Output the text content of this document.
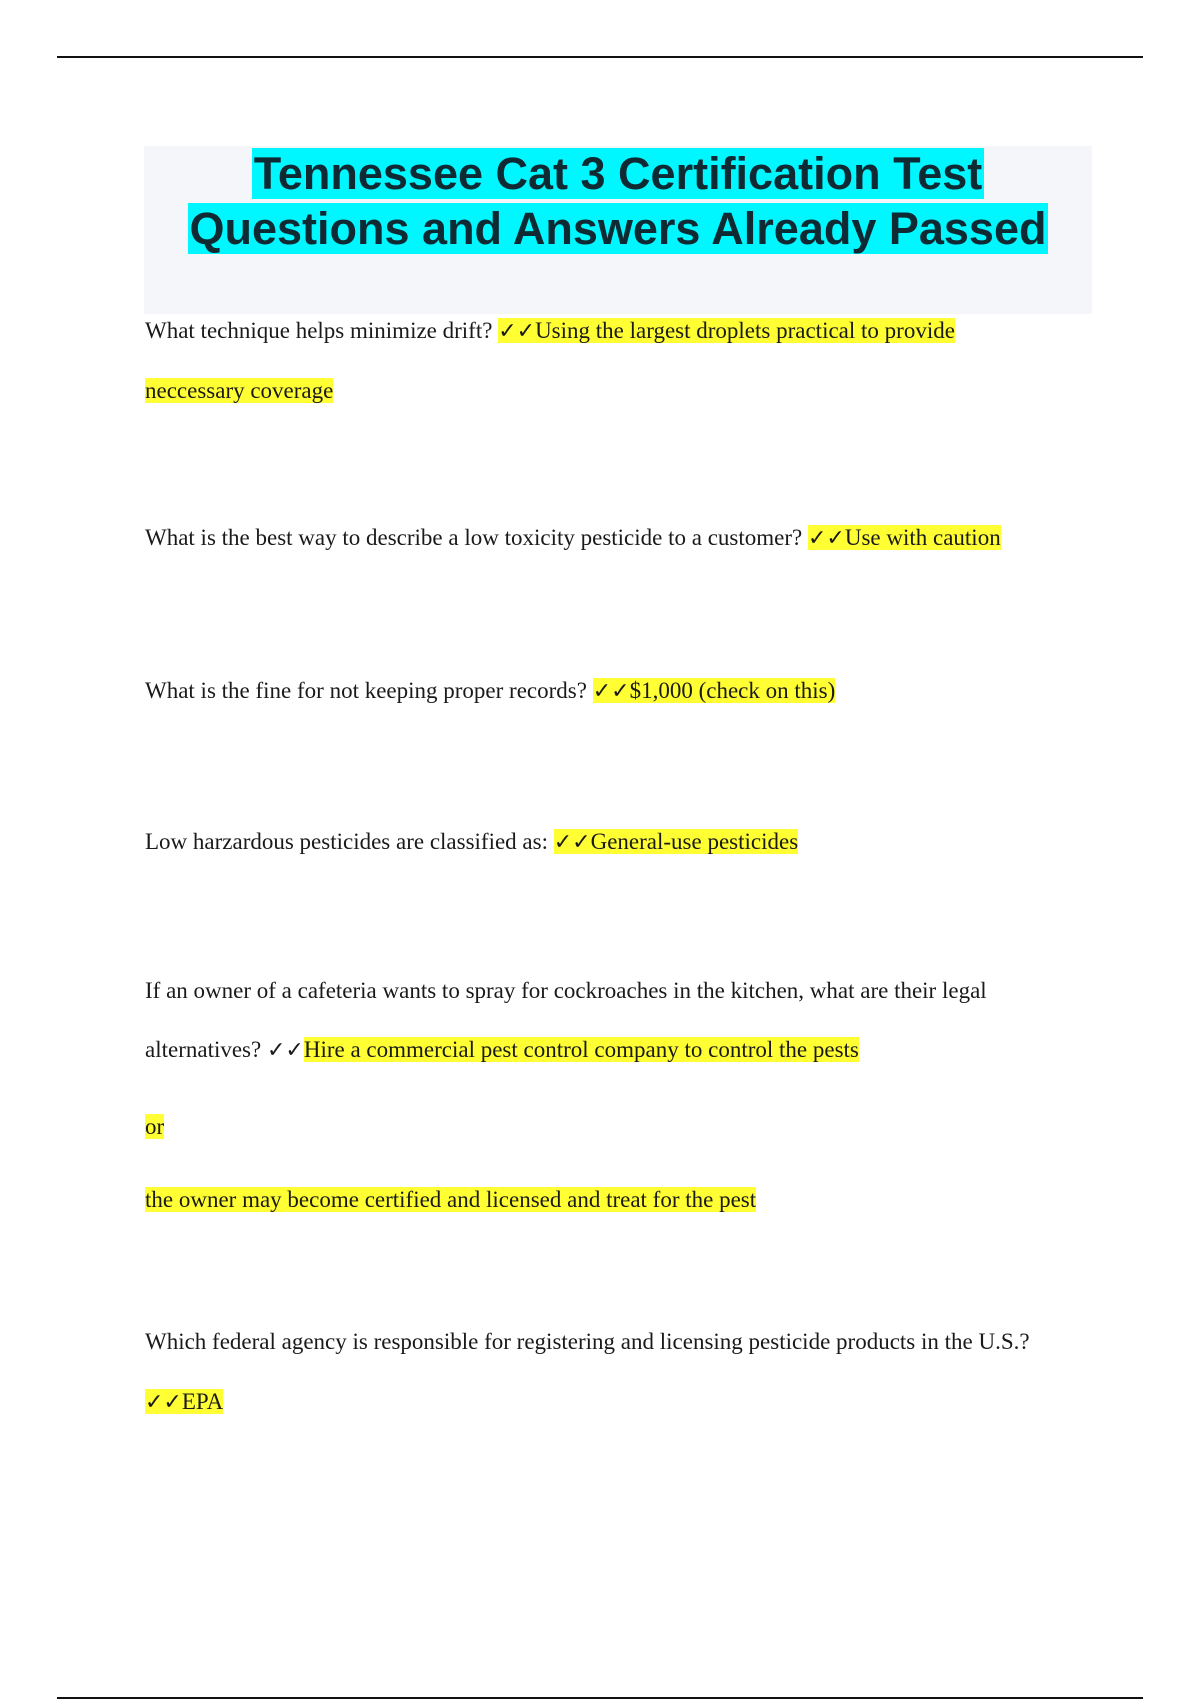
Tennessee Cat 3 Certification Test
Questions and Answers Already Passed
What technique helps minimize drift? ✓✓Using the largest droplets practical to provide
neccessary coverage
What is the best way to describe a low toxicity pesticide to a customer? ✓✓Use with caution
What is the fine for not keeping proper records? ✓✓$1,000 (check on this)
Low harzardous pesticides are classified as: ✓✓General-use pesticides
If an owner of a cafeteria wants to spray for cockroaches in the kitchen, what are their legal
alternatives? ✓✓Hire a commercial pest control company to control the pests
or
the owner may become certified and licensed and treat for the pest
Which federal agency is responsible for registering and licensing pesticide products in the U.S.?
✓✓EPA
